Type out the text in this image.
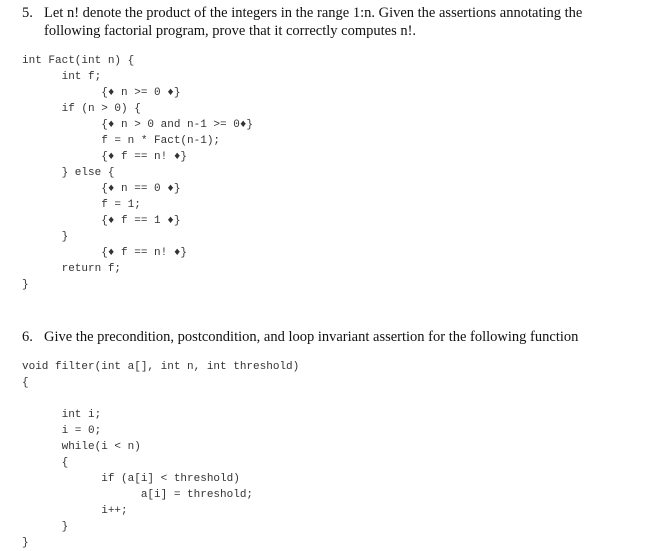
5. Let n! denote the product of the integers in the range 1:n. Given the assertions annotating the
following factorial program, prove that it correctly computes n!.
int Fact(int n) {
int f;
{♦ n >= 0 ♦}
if (n > 0) {
{♦ n > 0 and n-1 >= 0♦}
f = n * Fact(n-1);
{♦ f == n! ♦}
} else {
{♦ n == 0 ♦}
f = 1;
{♦ f == 1 ♦}
}
{♦ f == n! ♦}
return f;
}
6. Give the precondition, postcondition, and loop invariant assertion for the following function
void filter(int a[], int n, int threshold)
{

int i;
i = 0;
while(i < n)
{
if (a[i] < threshold)
a[i] = threshold;
i++;
}
}
